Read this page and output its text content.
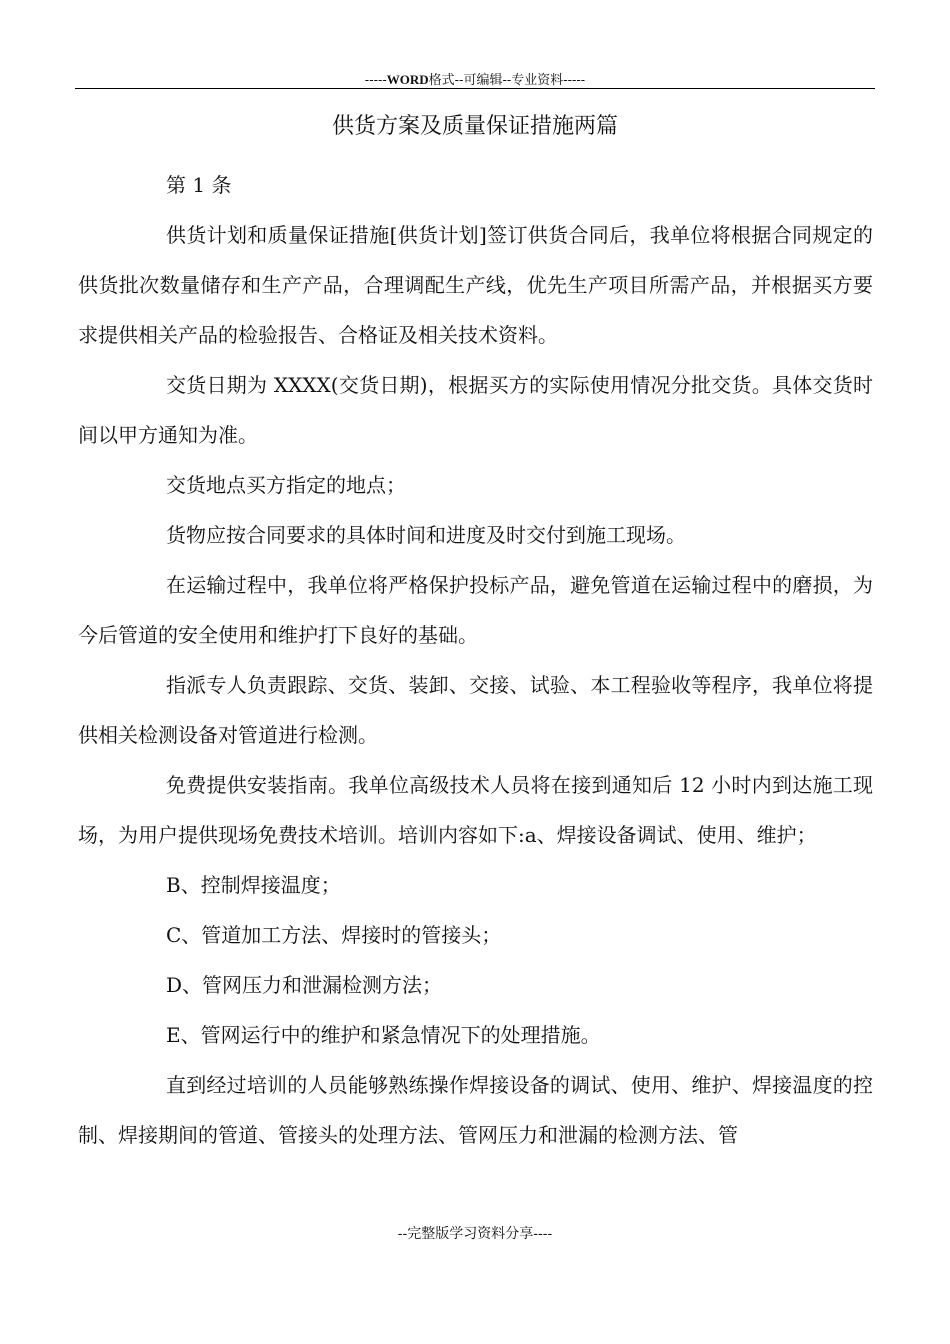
-----WORD格式--可编辑--专业资料-----
供货方案及质量保证措施两篇

第 1 条

供货计划和质量保证措施[供货计划]签订供货合同后，我单位将根据合同规定的供货批次数量储存和生产产品，合理调配生产线，优先生产项目所需产品，并根据买方要求提供相关产品的检验报告、合格证及相关技术资料。

交货日期为 XXXX(交货日期)，根据买方的实际使用情况分批交货。具体交货时间以甲方通知为准。

交货地点买方指定的地点；

货物应按合同要求的具体时间和进度及时交付到施工现场。

在运输过程中，我单位将严格保护投标产品，避免管道在运输过程中的磨损，为今后管道的安全使用和维护打下良好的基础。

指派专人负责跟踪、交货、装卸、交接、试验、本工程验收等程序，我单位将提供相关检测设备对管道进行检测。

免费提供安装指南。我单位高级技术人员将在接到通知后 12 小时内到达施工现场，为用户提供现场免费技术培训。培训内容如下:a、焊接设备调试、使用、维护；

B、控制焊接温度；

C、管道加工方法、焊接时的管接头；

D、管网压力和泄漏检测方法；

E、管网运行中的维护和紧急情况下的处理措施。

直到经过培训的人员能够熟练操作焊接设备的调试、使用、维护、焊接温度的控制、焊接期间的管道、管接头的处理方法、管网压力和泄漏的检测方法、管

--完整版学习资料分享----
